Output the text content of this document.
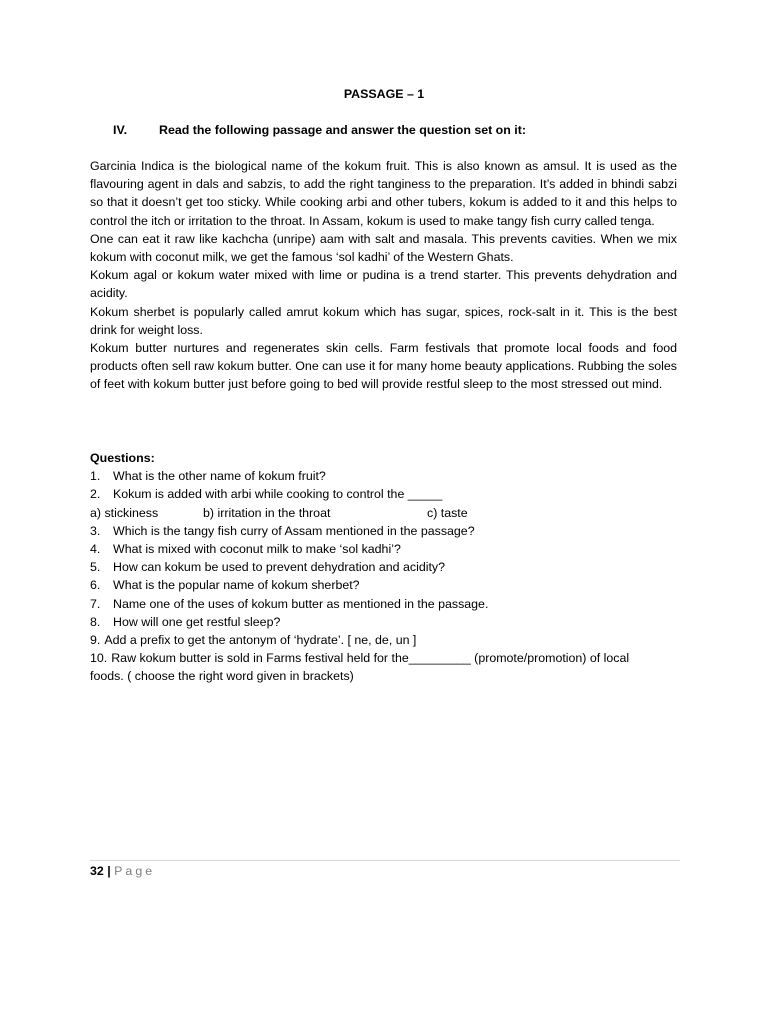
PASSAGE – 1
IV.	Read the following passage and answer the question set on it:

Garcinia Indica is the biological name of the kokum fruit. This is also known as amsul. It is used as the flavouring agent in dals and sabzis, to add the right tanginess to the preparation. It’s added in bhindi sabzi so that it doesn’t get too sticky. While cooking arbi and other tubers, kokum is added to it and this helps to control the itch or irritation to the throat. In Assam, kokum is used to make tangy fish curry called tenga.

One can eat it raw like kachcha (unripe) aam with salt and masala. This prevents cavities. When we mix kokum with coconut milk, we get the famous ‘sol kadhi’ of the Western Ghats.

Kokum agal or kokum water mixed with lime or pudina is a trend starter. This prevents dehydration and acidity.

Kokum sherbet is popularly called amrut kokum which has sugar, spices, rock-salt in it. This is the best drink for weight loss.

Kokum butter nurtures and regenerates skin cells. Farm festivals that promote local foods and food products often sell raw kokum butter. One can use it for many home beauty applications. Rubbing the soles of feet with kokum butter just before going to bed will provide restful sleep to the most stressed out mind.

Questions:

1. What is the other name of kokum fruit?
2. Kokum is added with arbi while cooking to control the _____
a) stickiness	b) irritation in the throat	c) taste
3. Which is the tangy fish curry of Assam mentioned in the passage?
4. What is mixed with coconut milk to make ‘sol kadhi’?
5. How can kokum be used to prevent dehydration and acidity?
6. What is the popular name of kokum sherbet?
7. Name one of the uses of kokum butter as mentioned in the passage.
8. How will one get restful sleep?
9. Add a prefix to get the antonym of ‘hydrate’. [ ne, de, un ]
10. Raw kokum butter is sold in Farms festival held for the_________ (promote/promotion) of local foods. ( choose the right word given in brackets)
32 | Page
